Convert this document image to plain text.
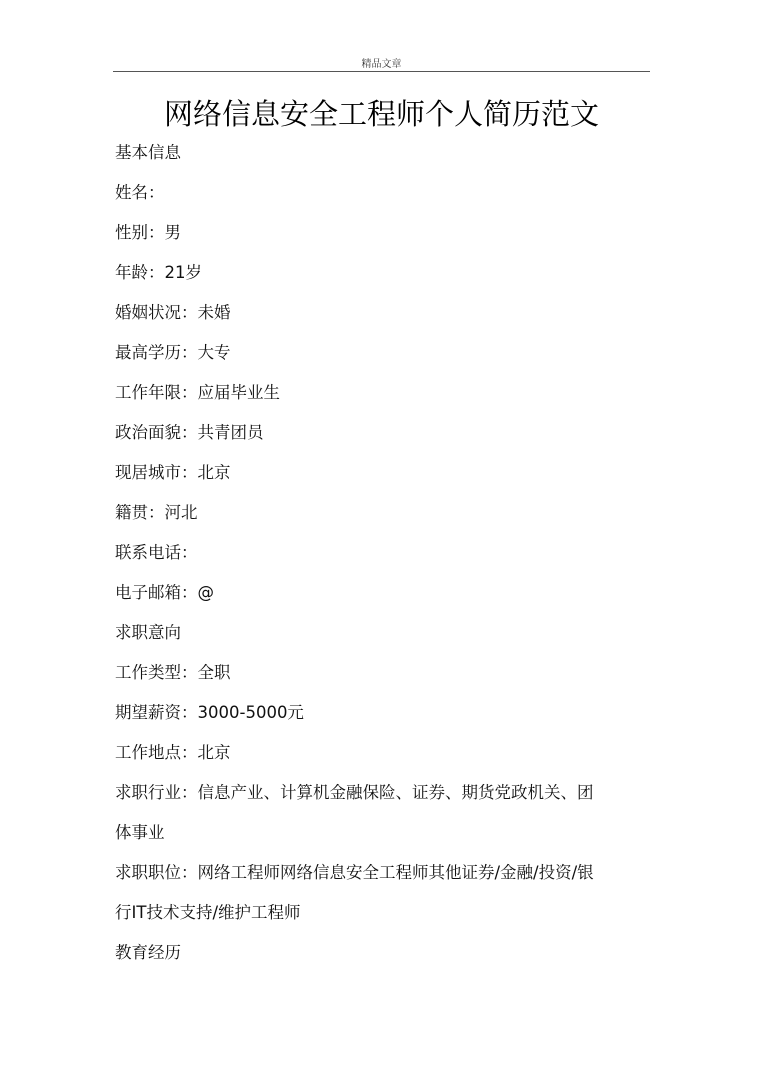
精品文章
网络信息安全工程师个人简历范文
基本信息
姓名：
性别：男
年龄：21岁
婚姻状况：未婚
最高学历：大专
工作年限：应届毕业生
政治面貌：共青团员
现居城市：北京
籍贯：河北
联系电话：
电子邮箱：@
求职意向
工作类型：全职
期望薪资：3000-5000元
工作地点：北京
求职行业：信息产业、计算机金融保险、证券、期货党政机关、团
体事业
求职职位：网络工程师网络信息安全工程师其他证券/金融/投资/银
行IT技术支持/维护工程师
教育经历
